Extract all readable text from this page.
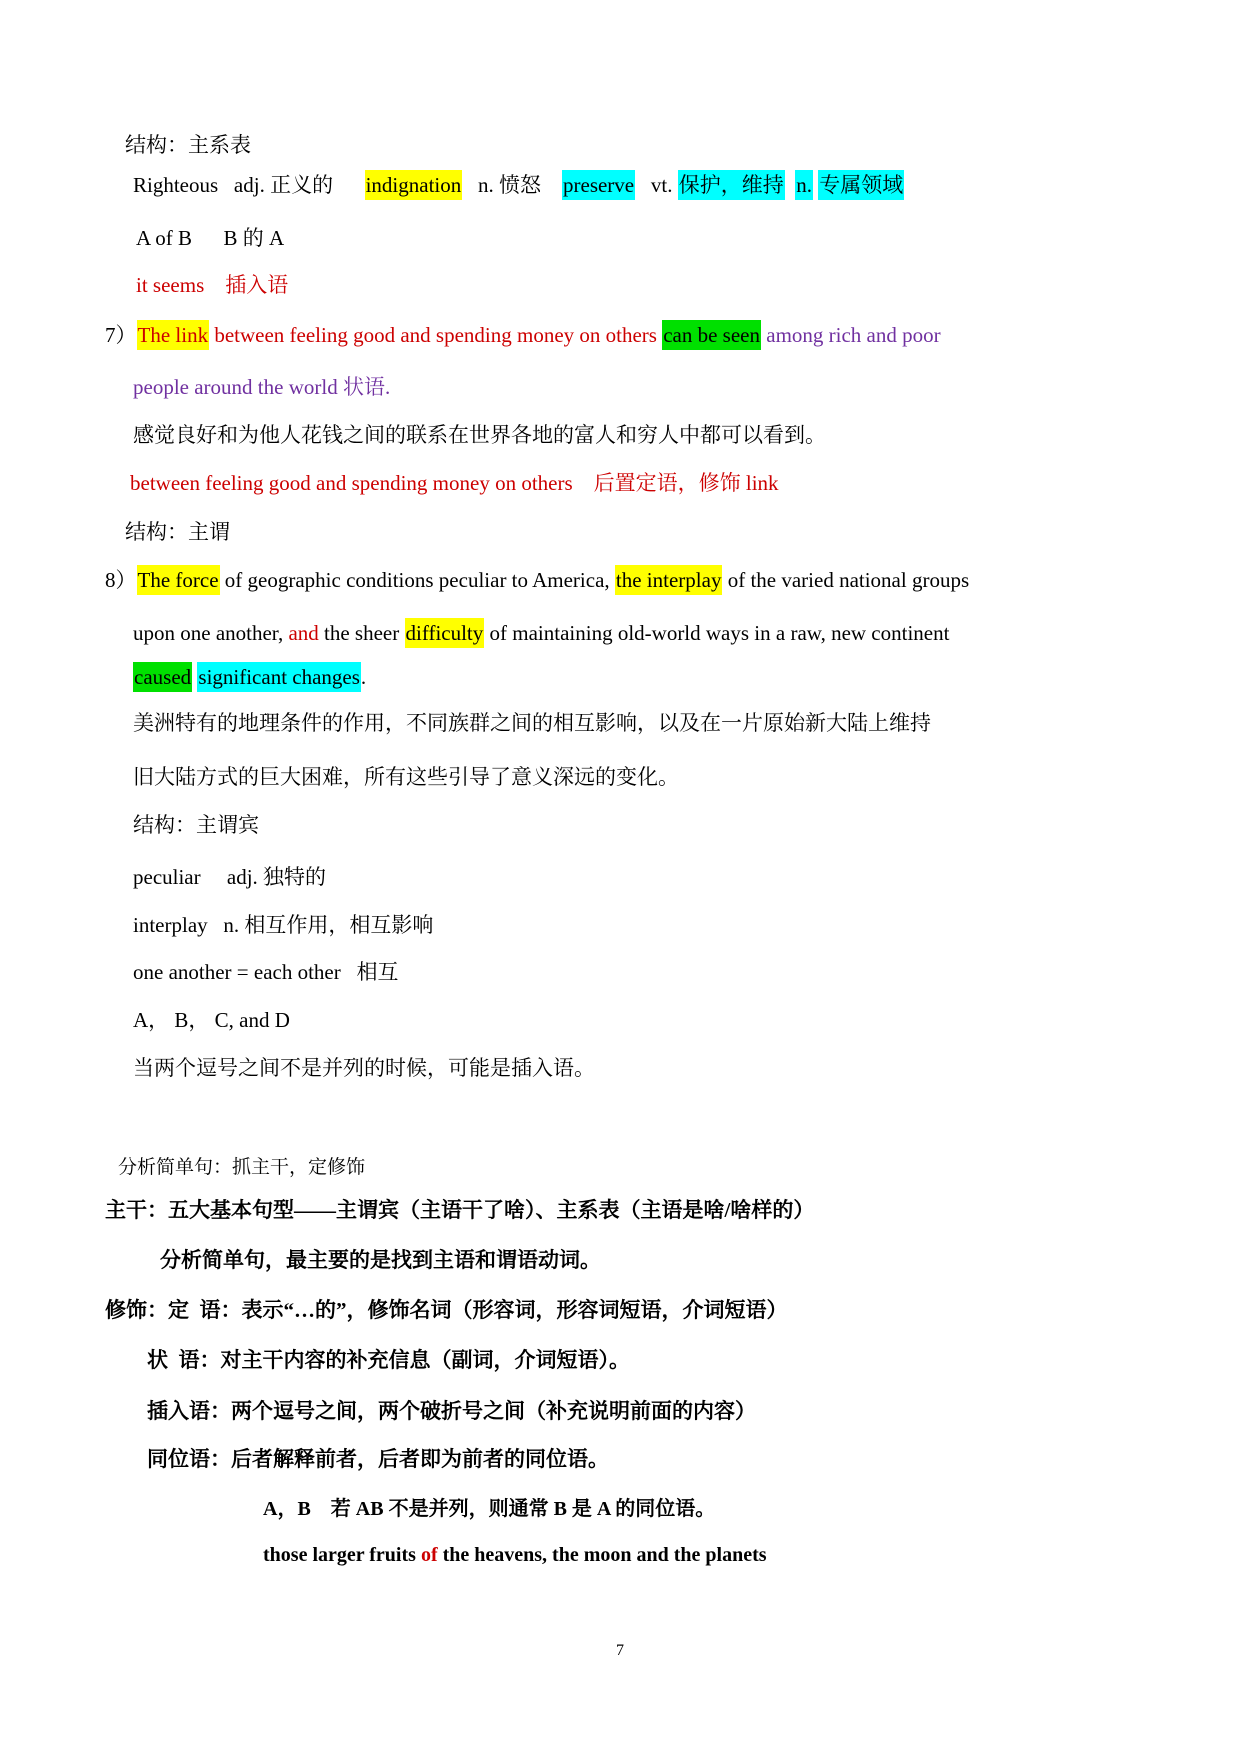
结构：主系表
Righteous   adj. 正义的      indignation   n. 愤怒    preserve   vt. 保护，维持 n. 专属领域
A of B      B 的 A
it seems    插入语
7）The link between feeling good and spending money on others can be seen among rich and poor
people around the world 状语.
感觉良好和为他人花钱之间的联系在世界各地的富人和穷人中都可以看到。
between feeling good and spending money on others    后置定语，修饰 link
结构：主谓
8）The force of geographic conditions peculiar to America, the interplay of the varied national groups
upon one another, and the sheer difficulty of maintaining old-world ways in a raw, new continent
caused significant changes.
美洲特有的地理条件的作用，不同族群之间的相互影响，以及在一片原始新大陆上维持
旧大陆方式的巨大困难，所有这些引导了意义深远的变化。
结构：主谓宾
peculiar     adj. 独特的
interplay   n. 相互作用，相互影响
one another = each other   相互
A， B， C, and D
当两个逗号之间不是并列的时候，可能是插入语。
分析简单句：抓主干，定修饰
主干：五大基本句型——主谓宾（主语干了啥）、主系表（主语是啥/啥样的）
分析简单句，最主要的是找到主语和谓语动词。
修饰：定  语：表示“…的”，修饰名词（形容词，形容词短语，介词短语）
状  语：对主干内容的补充信息（副词，介词短语）。
插入语：两个逗号之间，两个破折号之间（补充说明前面的内容）
同位语：后者解释前者，后者即为前者的同位语。
A，B    若 AB 不是并列，则通常 B 是 A 的同位语。
those larger fruits of the heavens, the moon and the planets
7
